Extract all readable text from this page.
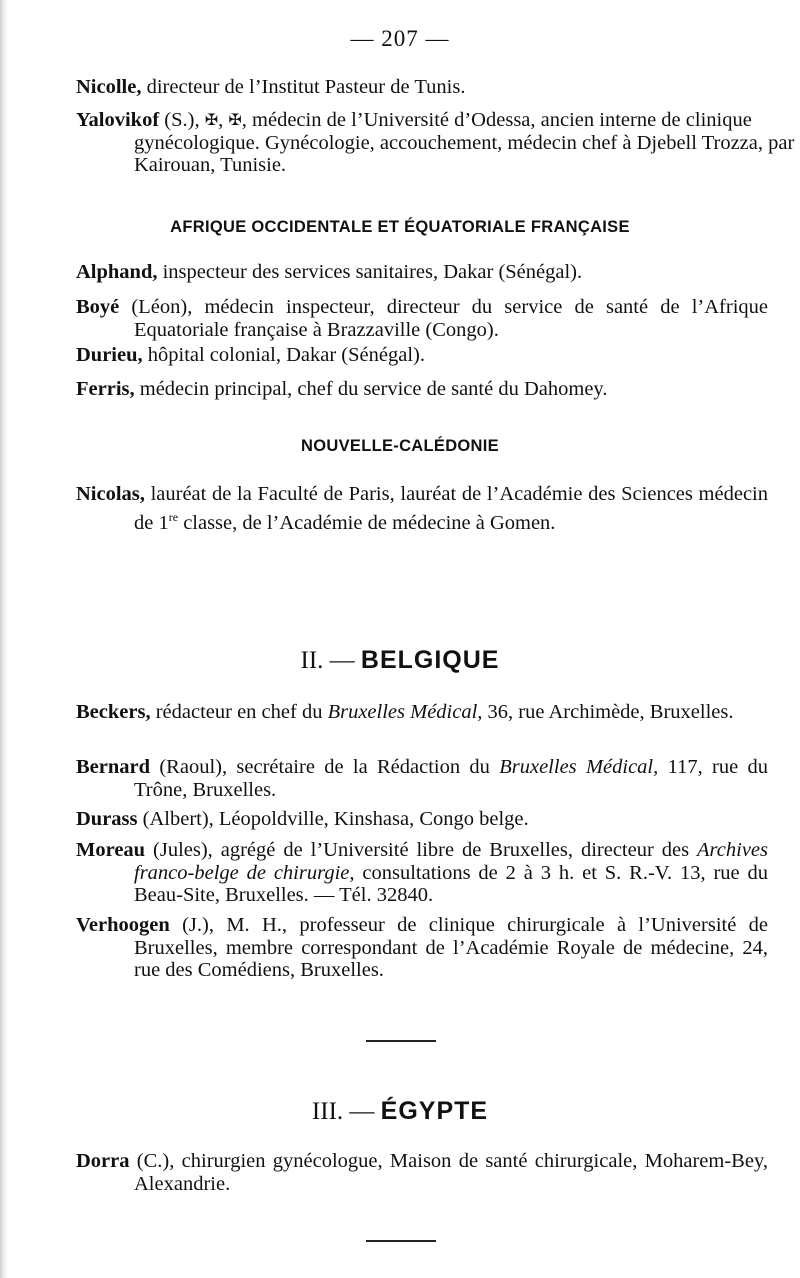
— 207 —
Nicolle, directeur de l’Institut Pasteur de Tunis.
Yalovikof (S.), ✠, ✠, médecin de l’Université d’Odessa, ancien interne de clinique gynécologique. Gynécologie, accouchement, médecin chef à Djebell Trozza, par Kairouan, Tunisie.
AFRIQUE OCCIDENTALE ET ÉQUATORIALE FRANÇAISE
Alphand, inspecteur des services sanitaires, Dakar (Sénégal).
Boyé (Léon), médecin inspecteur, directeur du service de santé de l’Afrique Equatoriale française à Brazzaville (Congo).
Durieu, hôpital colonial, Dakar (Sénégal).
Ferris, médecin principal, chef du service de santé du Dahomey.
NOUVELLE-CALÉDONIE
Nicolas, lauréat de la Faculté de Paris, lauréat de l’Académie des Sciences médecin de 1re classe, de l’Académie de médecine à Gomen.
II. — BELGIQUE
Beckers, rédacteur en chef du Bruxelles Médical, 36, rue Archimède, Bruxelles.
Bernard (Raoul), secrétaire de la Rédaction du Bruxelles Médical, 117, rue du Trône, Bruxelles.
Durass (Albert), Léopoldville, Kinshasa, Congo belge.
Moreau (Jules), agrégé de l’Université libre de Bruxelles, directeur des Archives franco-belge de chirurgie, consultations de 2 à 3 h. et S. R.-V. 13, rue du Beau-Site, Bruxelles. — Tél. 32840.
Verhoogen (J.), M. H., professeur de clinique chirurgicale à l’Université de Bruxelles, membre correspondant de l’Académie Royale de médecine, 24, rue des Comédiens, Bruxelles.
III. — ÉGYPTE
Dorra (C.), chirurgien gynécologue, Maison de santé chirurgicale, Moharem-Bey, Alexandrie.
